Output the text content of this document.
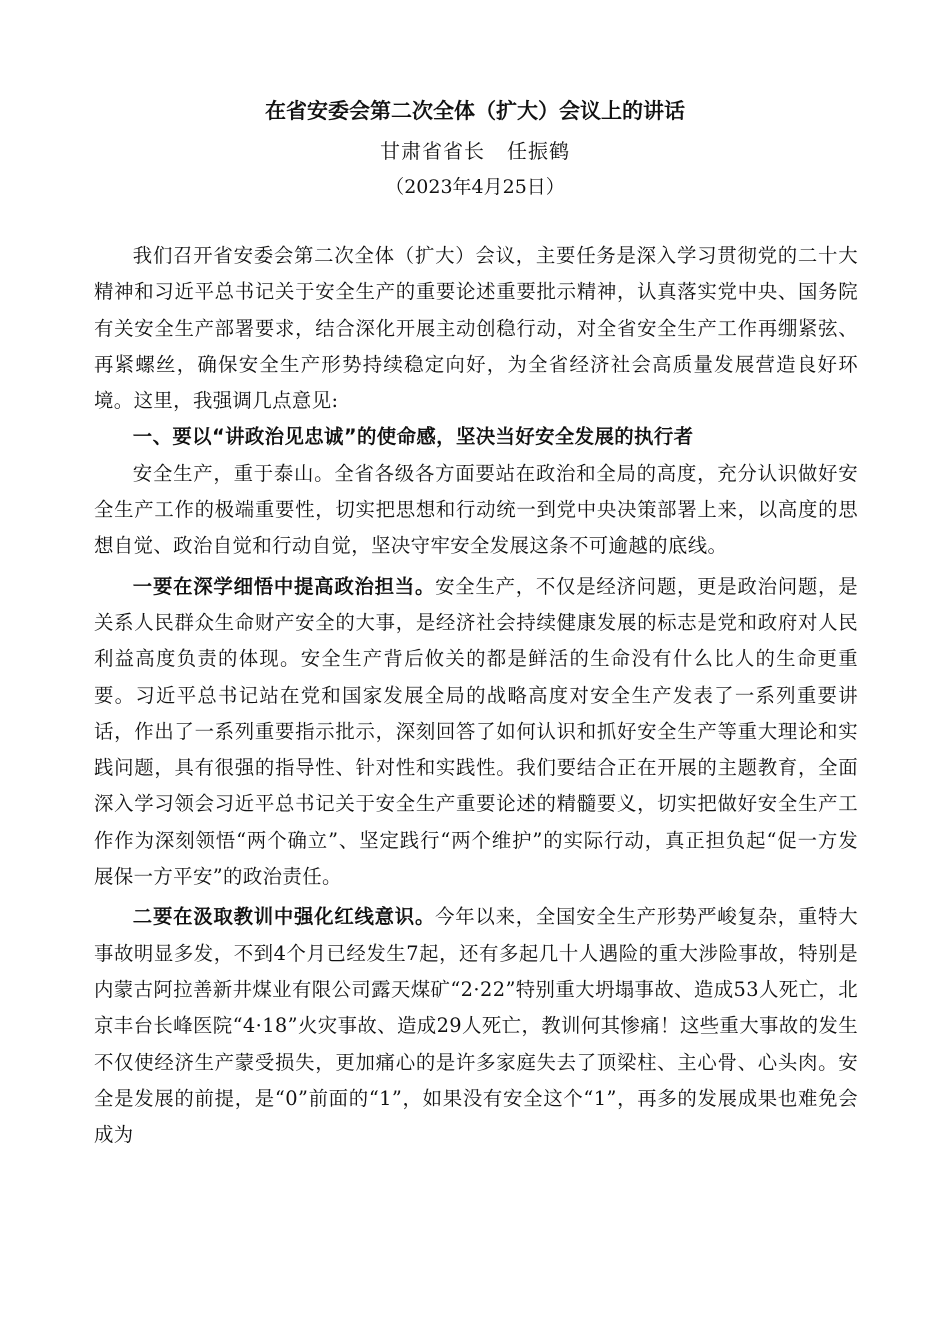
在省安委会第二次全体（扩大）会议上的讲话
甘肃省省长 任振鹤
（2023年4月25日）

我们召开省安委会第二次全体（扩大）会议，主要任务是深入学习贯彻党的二十大精神和习近平总书记关于安全生产的重要论述重要批示精神，认真落实党中央、国务院有关安全生产部署要求，结合深化开展主动创稳行动，对全省安全生产工作再绷紧弦、再紧螺丝，确保安全生产形势持续稳定向好，为全省经济社会高质量发展营造良好环境。这里，我强调几点意见:

一、要以“讲政治见忠诚”的使命感，坚决当好安全发展的执行者

安全生产，重于泰山。全省各级各方面要站在政治和全局的高度，充分认识做好安全生产工作的极端重要性，切实把思想和行动统一到党中央决策部署上来，以高度的思想自觉、政治自觉和行动自觉，坚决守牢安全发展这条不可逾越的底线。

一要在深学细悟中提高政治担当。安全生产，不仅是经济问题，更是政治问题，是关系人民群众生命财产安全的大事，是经济社会持续健康发展的标志是党和政府对人民利益高度负责的体现。安全生产背后攸关的都是鲜活的生命没有什么比人的生命更重要。习近平总书记站在党和国家发展全局的战略高度对安全生产发表了一系列重要讲话，作出了一系列重要指示批示，深刻回答了如何认识和抓好安全生产等重大理论和实践问题，具有很强的指导性、针对性和实践性。我们要结合正在开展的主题教育，全面深入学习领会习近平总书记关于安全生产重要论述的精髓要义，切实把做好安全生产工作作为深刻领悟“两个确立”、坚定践行“两个维护”的实际行动，真正担负起“促一方发展保一方平安”的政治责任。

二要在汲取教训中强化红线意识。今年以来，全国安全生产形势严峻复杂，重特大事故明显多发，不到4个月已经发生7起，还有多起几十人遇险的重大涉险事故，特别是内蒙古阿拉善新井煤业有限公司露天煤矿“2·22”特别重大坍塌事故、造成53人死亡，北京丰台长峰医院“4·18”火灾事故、造成29人死亡，教训何其惨痛！这些重大事故的发生不仅使经济生产蒙受损失，更加痛心的是许多家庭失去了顶梁柱、主心骨、心头肉。安全是发展的前提，是“0”前面的“1”，如果没有安全这个“1”，再多的发展成果也难免会成为
